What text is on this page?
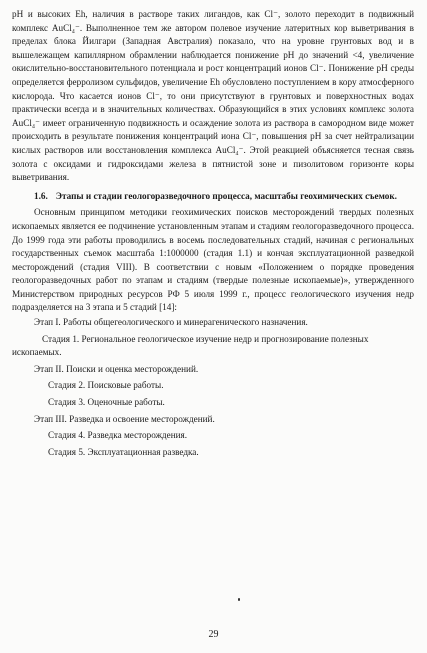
pH и высоких Eh, наличия в растворе таких лигандов, как Cl⁻, золото переходит в подвижный комплекс AuCl₄⁻. Выполненное тем же автором полевое изучение латеритных кор выветривания в пределах блока Йилгари (Западная Австралия) показало, что на уровне грунтовых вод и в вышележащем капиллярном обрамлении наблюдается понижение pH до значений <4, увеличение окислительно-восстановительного потенциала и рост концентраций ионов Cl⁻. Понижение pH среды определяется ферролизом сульфидов, увеличение Eh обусловлено поступлением в кору атмосферного кислорода. Что касается ионов Cl⁻, то они присутствуют в грунтовых и поверхностных водах практически всегда и в значительных количествах. Образующийся в этих условиях комплекс золота AuCl₄⁻ имеет ограниченную подвижность и осаждение золота из раствора в самородном виде может происходить в результате понижения концентраций иона Cl⁻, повышения pH за счет нейтрализации кислых растворов или восстановления комплекса AuCl₄⁻. Этой реакцией объясняется тесная связь золота с оксидами и гидроксидами железа в пятнистой зоне и пизолитовом горизонте коры выветривания.

1.6. Этапы и стадии геологоразведочного процесса, масштабы геохимических съемок.

Основным принципом методики геохимических поисков месторождений твердых полезных ископаемых является ее подчинение установленным этапам и стадиям геологоразведочного процесса. До 1999 года эти работы проводились в восемь последовательных стадий, начиная с региональных государственных съемок масштаба 1:1000000 (стадия 1.1) и кончая эксплуатационной разведкой месторождений (стадия VIII). В соответствии с новым «Положением о порядке проведения геологоразведочных работ по этапам и стадиям (твердые полезные ископаемые)», утвержденного Министерством природных ресурсов РФ 5 июля 1999 г., процесс геологического изучения недр подразделяется на 3 этапа и 5 стадий [14]:

Этап I. Работы общегеологического и минерагенического назначения.

Стадия 1. Региональное геологическое изучение недр и прогнозирование полезных ископаемых.

Этап II. Поиски и оценка месторождений.

Стадия 2. Поисковые работы.

Стадия 3. Оценочные работы.

Этап III. Разведка и освоение месторождений.

Стадия 4. Разведка месторождения.

Стадия 5. Эксплуатационная разведка.

29
